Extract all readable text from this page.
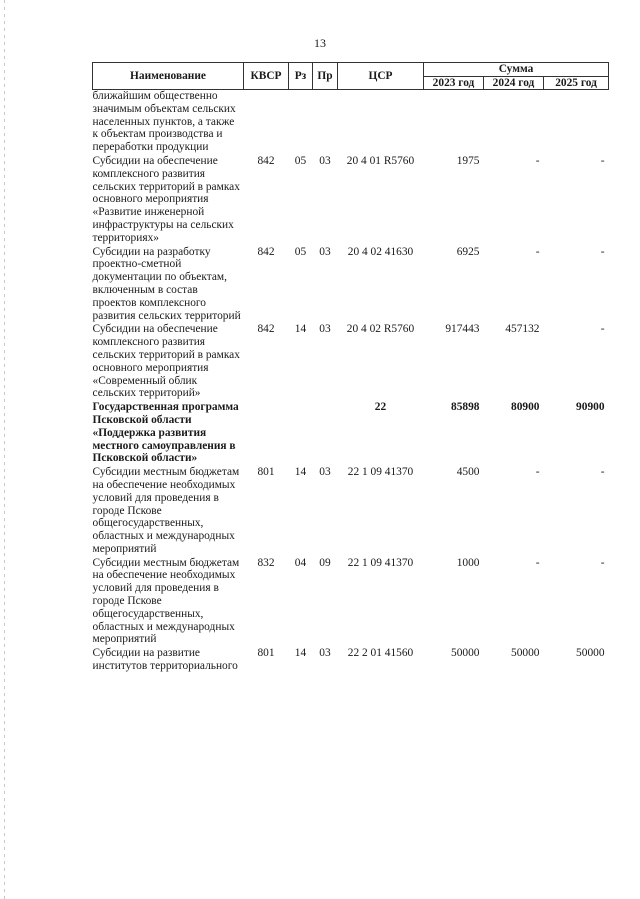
13
Наименование	КВСР	Рз	Пр	ЦСР	Сумма		
					2023 год	2024 год	2025 год
ближайшим общественно значимым объектам сельских населенных пунктов, а также к объектам производства и переработки продукции							
Субсидии на обеспечение комплексного развития сельских территорий в рамках основного мероприятия «Развитие инженерной инфраструктуры на сельских территориях»	842	05	03	20 4 01 R5760	1975	-	-
Субсидии на разработку проектно-сметной документации по объектам, включенным в состав проектов комплексного развития сельских территорий	842	05	03	20 4 02 41630	6925	-	-
Субсидии на обеспечение комплексного развития сельских территорий в рамках основного мероприятия «Современный облик сельских территорий»	842	14	03	20 4 02 R5760	917443	457132	-
Государственная программа Псковской области «Поддержка развития местного самоуправления в Псковской области»				22	85898	80900	90900
Субсидии местным бюджетам на обеспечение необходимых условий для проведения в городе Пскове общегосударственных, областных и международных мероприятий	801	14	03	22 1 09 41370	4500	-	-
Субсидии местным бюджетам на обеспечение необходимых условий для проведения в городе Пскове общегосударственных, областных и международных мероприятий	832	04	09	22 1 09 41370	1000	-	-
Субсидии на развитие институтов территориального	801	14	03	22 2 01 41560	50000	50000	50000
